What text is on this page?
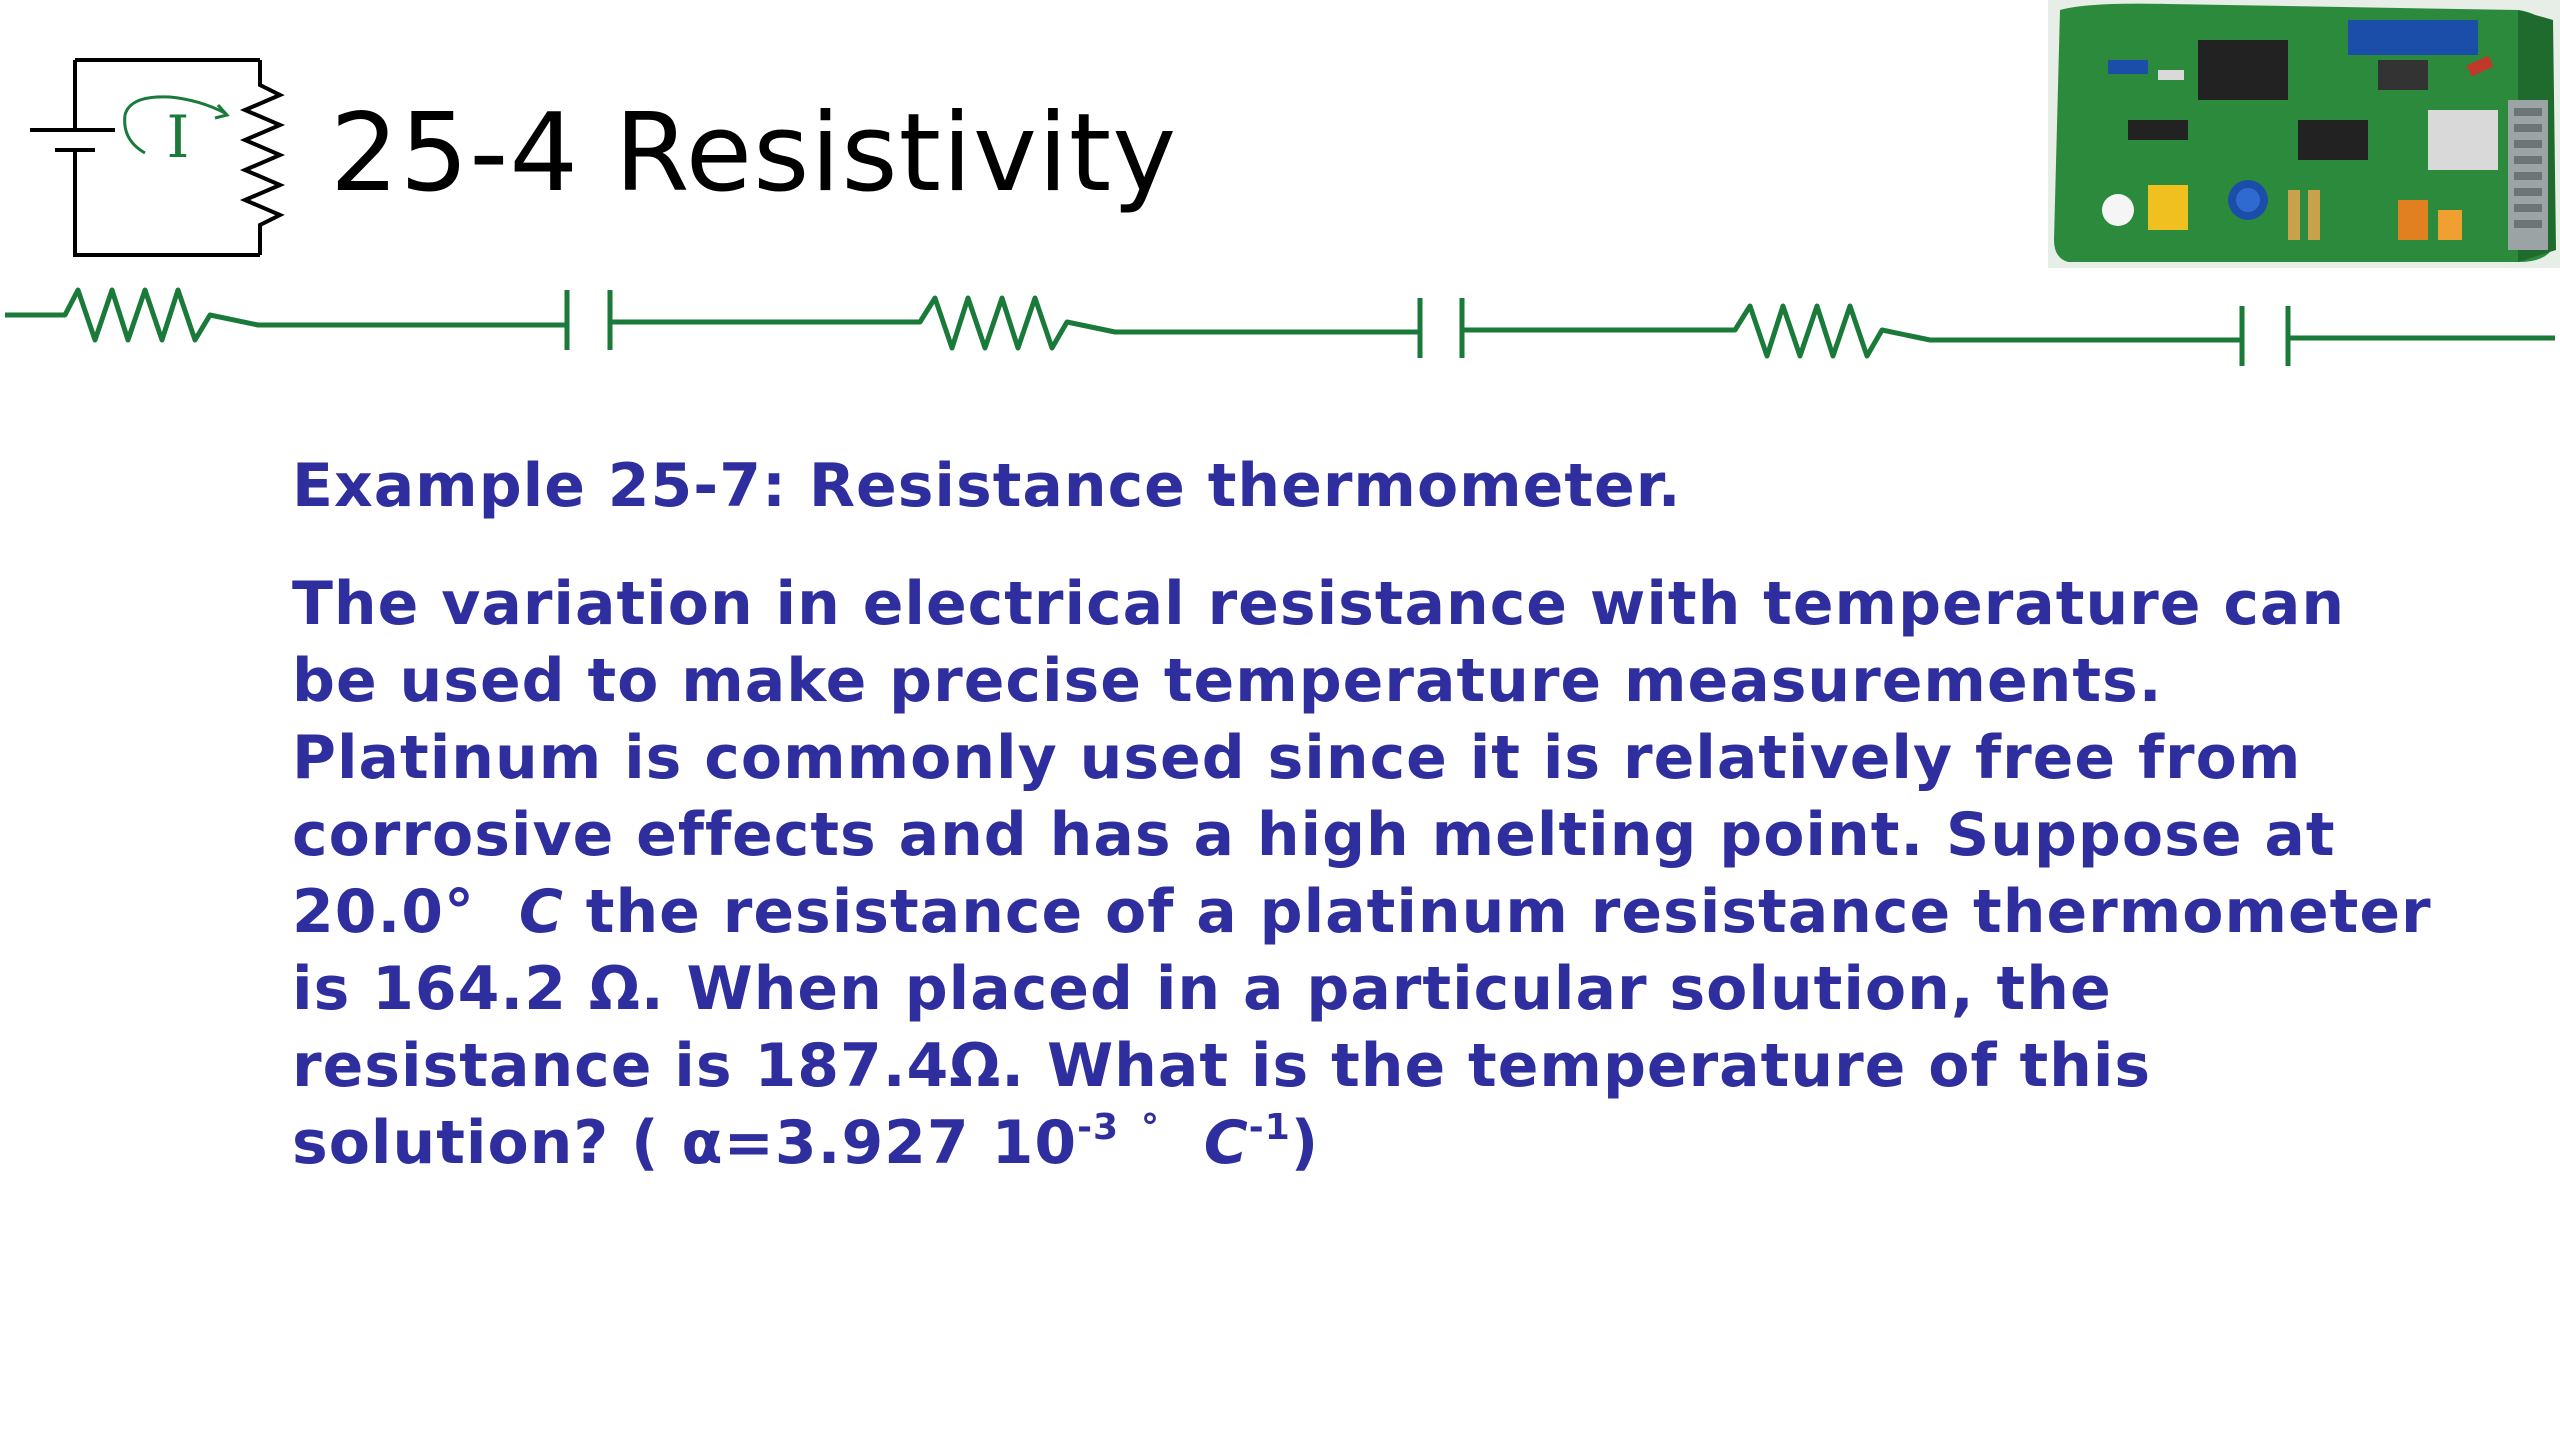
I 25-4 Resistivity
Example 25-7: Resistance thermometer.
The variation in electrical resistance with temperature can
be used to make precise temperature measurements.
Platinum is commonly used since it is relatively free from
corrosive effects and has a high melting point. Suppose at
20.0° C the resistance of a platinum resistance thermometer
is 164.2 Ω. When placed in a particular solution, the
resistance is 187.4Ω. What is the temperature of this
solution? ( α=3.927 $10^{-3}$ ° $C^{-1}$)
